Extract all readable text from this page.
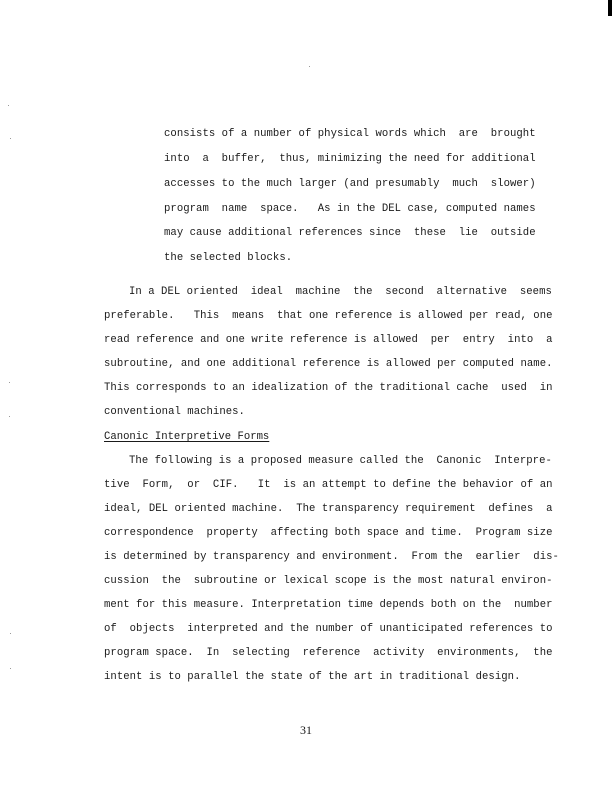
consists of a number of physical words which  are  brought
into  a  buffer,  thus, minimizing the need for additional
accesses to the much larger (and presumably  much  slower)
program  name  space.   As in the DEL case, computed names
may cause additional references since  these  lie  outside
the selected blocks.
In a DEL oriented  ideal  machine  the  second  alternative  seems
preferable.   This  means  that one reference is allowed per read, one
read reference and one write reference is allowed  per  entry  into  a
subroutine, and one additional reference is allowed per computed name.
This corresponds to an idealization of the traditional cache  used  in
conventional machines.
Canonic Interpretive Forms
The following is a proposed measure called the  Canonic  Interpre-
tive  Form,  or  CIF.   It  is an attempt to define the behavior of an
ideal, DEL oriented machine.  The transparency requirement  defines  a
correspondence  property  affecting both space and time.  Program size
is determined by transparency and environment.  From the  earlier  dis-
cussion  the  subroutine or lexical scope is the most natural environ-
ment for this measure. Interpretation time depends both on the  number
of  objects  interpreted and the number of unanticipated references to
program space.  In  selecting  reference  activity  environments,  the
intent is to parallel the state of the art in traditional design.
31
